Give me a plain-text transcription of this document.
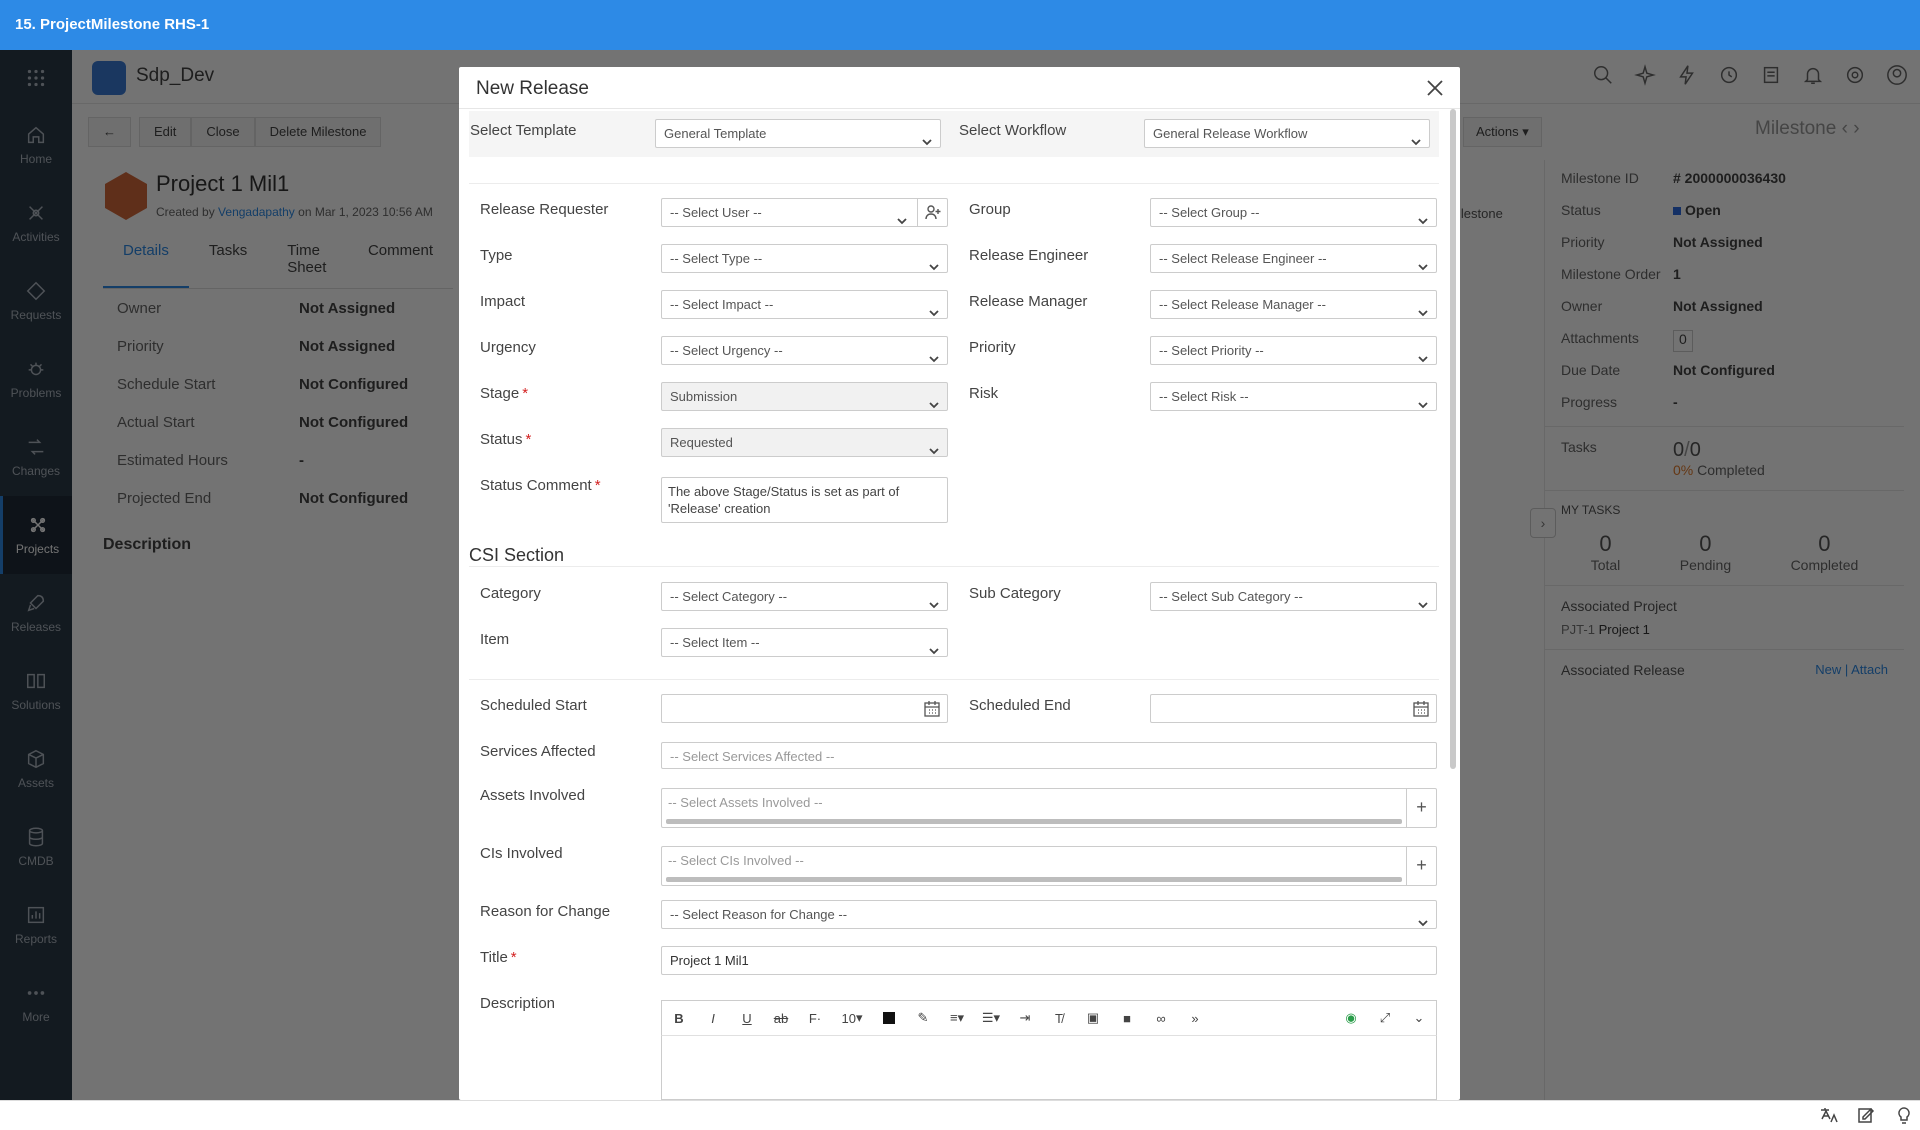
15. ProjectMilestone RHS-1

New Release
Select Template	General Template	Select Workflow	General Release Workflow
Release Requester	-- Select User --
Type	-- Select Type --
Impact	-- Select Impact --
Urgency	-- Select Urgency --
Stage *	Submission
Status *	Requested
Status Comment *	The above Stage/Status is set as part of 'Release' creation
Group	-- Select Group --
Release Engineer	-- Select Release Engineer --
Release Manager	-- Select Release Manager --
Priority	-- Select Priority --
Risk	-- Select Risk --
CSI Section
Category	-- Select Category --	Sub Category	-- Select Sub Category --
Item	-- Select Item --
Scheduled Start	Scheduled End
Services Affected	-- Select Services Affected --
Assets Involved	-- Select Assets Involved --	+
CIs Involved	-- Select CIs Involved --	+
Reason for Change	-- Select Reason for Change --
Title *	Project 1 Mil1
Description
B	I	U	ab	F·	10 ▾	✎	≡▾	☰▾	⇥	T̸	▣	■	∞	»	◉	⤢	⌄
